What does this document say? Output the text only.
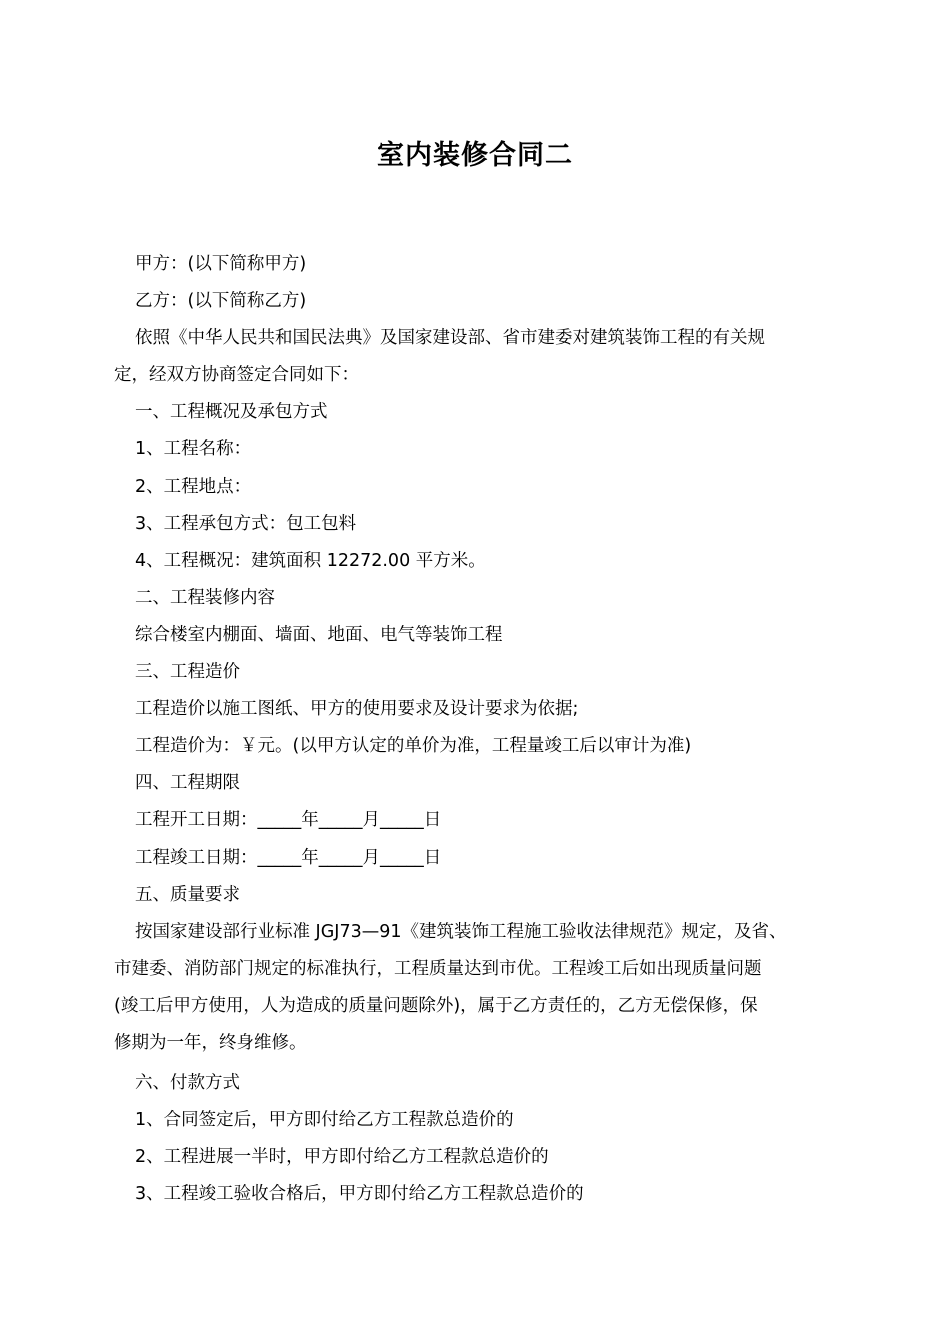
室内装修合同二

甲方：(以下简称甲方)

乙方：(以下简称乙方)

依照《中华人民共和国民法典》及国家建设部、省市建委对建筑装饰工程的有关规

定，经双方协商签定合同如下：

一、工程概况及承包方式

1、工程名称：

2、工程地点：

3、工程承包方式：包工包料

4、工程概况：建筑面积 12272.00 平方米。

二、工程装修内容

综合楼室内棚面、墙面、地面、电气等装饰工程

三、工程造价

工程造价以施工图纸、甲方的使用要求及设计要求为依据;

工程造价为：￥元。(以甲方认定的单价为准，工程量竣工后以审计为准)

四、工程期限

工程开工日期：_____年_____月_____日

工程竣工日期：_____年_____月_____日

五、质量要求

按国家建设部行业标准 JGJ73—91《建筑装饰工程施工验收法律规范》规定，及省、

市建委、消防部门规定的标准执行，工程质量达到市优。工程竣工后如出现质量问题

(竣工后甲方使用，人为造成的质量问题除外)，属于乙方责任的，乙方无偿保修，保

修期为一年，终身维修。

六、付款方式

1、合同签定后，甲方即付给乙方工程款总造价的

2、工程进展一半时，甲方即付给乙方工程款总造价的

3、工程竣工验收合格后，甲方即付给乙方工程款总造价的
